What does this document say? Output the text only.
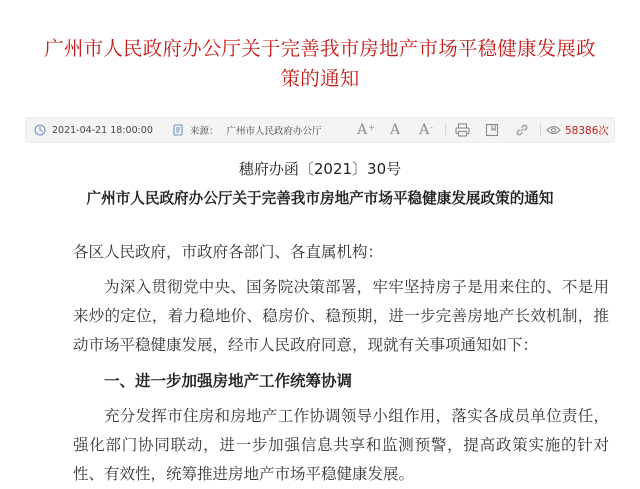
广州市人民政府办公厅关于完善我市房地产市场平稳健康发展政策的通知
2021-04-21 18:00:00	来源： 广州市人民政府办公厅	A+ A A-	58386次
穗府办函〔2021〕30号
广州市人民政府办公厅关于完善我市房地产市场平稳健康发展政策的通知

各区人民政府，市政府各部门、各直属机构：

为深入贯彻党中央、国务院决策部署，牢牢坚持房子是用来住的、不是用来炒的定位，着力稳地价、稳房价、稳预期，进一步完善房地产长效机制，推动市场平稳健康发展，经市人民政府同意，现就有关事项通知如下：

一、进一步加强房地产工作统筹协调

充分发挥市住房和房地产工作协调领导小组作用，落实各成员单位责任，强化部门协同联动，进一步加强信息共享和监测预警，提高政策实施的针对性、有效性，统筹推进房地产市场平稳健康发展。
